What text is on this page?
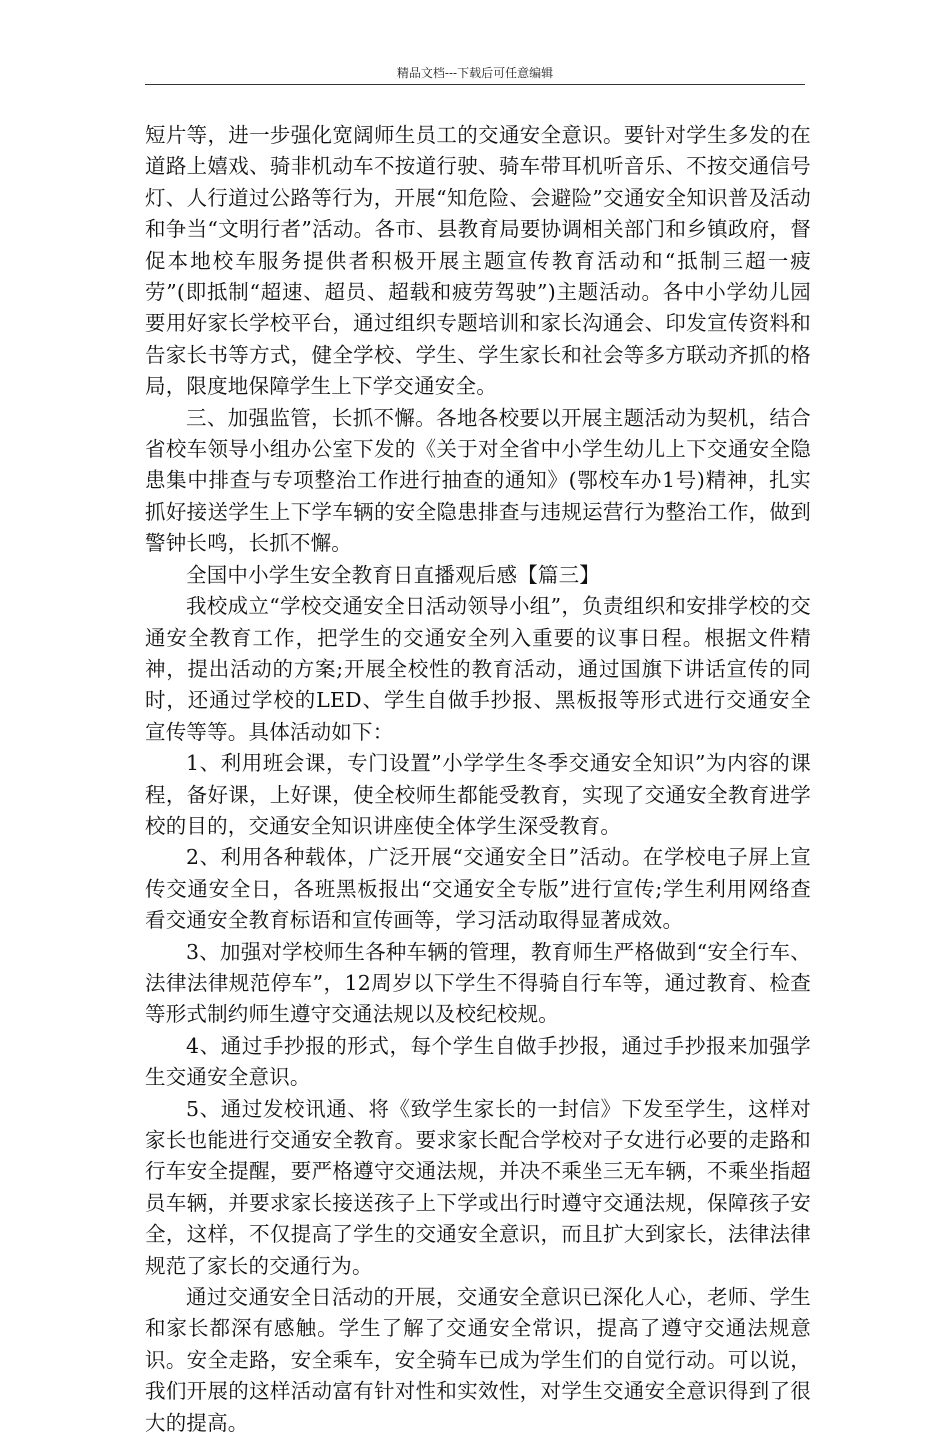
精品文档---下载后可任意编辑

短片等，进一步强化宽阔师生员工的交通安全意识。要针对学生多发的在道路上嬉戏、骑非机动车不按道行驶、骑车带耳机听音乐、不按交通信号灯、人行道过公路等行为，开展“知危险、会避险”交通安全知识普及活动和争当“文明行者”活动。各市、县教育局要协调相关部门和乡镇政府，督促本地校车服务提供者积极开展主题宣传教育活动和“抵制三超一疲劳”(即抵制“超速、超员、超载和疲劳驾驶”)主题活动。各中小学幼儿园要用好家长学校平台，通过组织专题培训和家长沟通会、印发宣传资料和告家长书等方式，健全学校、学生、学生家长和社会等多方联动齐抓的格局，限度地保障学生上下学交通安全。

三、加强监管，长抓不懈。各地各校要以开展主题活动为契机，结合省校车领导小组办公室下发的《关于对全省中小学生幼儿上下交通安全隐患集中排查与专项整治工作进行抽查的通知》(鄂校车办1号)精神，扎实抓好接送学生上下学车辆的安全隐患排查与违规运营行为整治工作，做到警钟长鸣，长抓不懈。

全国中小学生安全教育日直播观后感【篇三】

我校成立“学校交通安全日活动领导小组”，负责组织和安排学校的交通安全教育工作，把学生的交通安全列入重要的议事日程。根据文件精神，提出活动的方案;开展全校性的教育活动，通过国旗下讲话宣传的同时，还通过学校的LED、学生自做手抄报、黑板报等形式进行交通安全宣传等等。具体活动如下：

1、利用班会课，专门设置”小学学生冬季交通安全知识”为内容的课程，备好课，上好课，使全校师生都能受教育，实现了交通安全教育进学校的目的，交通安全知识讲座使全体学生深受教育。

2、利用各种载体，广泛开展“交通安全日”活动。在学校电子屏上宣传交通安全日，各班黑板报出“交通安全专版”进行宣传;学生利用网络查看交通安全教育标语和宣传画等，学习活动取得显著成效。

3、加强对学校师生各种车辆的管理，教育师生严格做到“安全行车、法律法律规范停车”，12周岁以下学生不得骑自行车等，通过教育、检查等形式制约师生遵守交通法规以及校纪校规。

4、通过手抄报的形式，每个学生自做手抄报，通过手抄报来加强学生交通安全意识。

5、通过发校讯通、将《致学生家长的一封信》下发至学生，这样对家长也能进行交通安全教育。要求家长配合学校对子女进行必要的走路和行车安全提醒，要严格遵守交通法规，并决不乘坐三无车辆，不乘坐指超员车辆，并要求家长接送孩子上下学或出行时遵守交通法规，保障孩子安全，这样，不仅提高了学生的交通安全意识，而且扩大到家长，法律法律规范了家长的交通行为。

通过交通安全日活动的开展，交通安全意识已深化人心，老师、学生和家长都深有感触。学生了解了交通安全常识，提高了遵守交通法规意识。安全走路，安全乘车，安全骑车已成为学生们的自觉行动。可以说，我们开展的这样活动富有针对性和实效性，对学生交通安全意识得到了很大的提高。
